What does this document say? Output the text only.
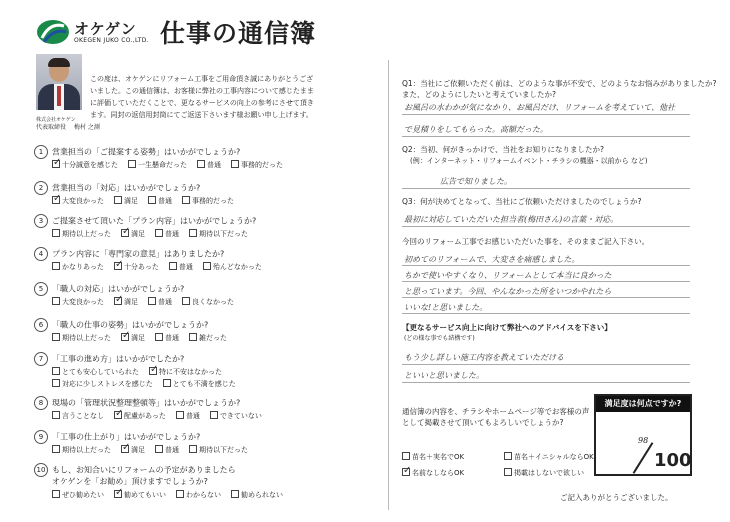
オケゲン
OKEGEN JUKO CO.,LTD. 仕事の通信簿
株式会社オケゲン
代表取締役 梅村 之測
この度は、オケゲンにリフォーム工事をご用命頂き誠にありがとうございました。この通信簿は、お客様に弊社の工事内容について感じたままに評価していただくことで、更なるサービスの向上の参考にさせて頂きます。同封の返信用封筒にてご返送下さいます様お願い申し上げます。
1 営業担当の「ご提案する姿勢」はいかがでしょうか?
✓十分誠意を感じた	一生懸命だった	普通	事務的だった
2 営業担当の「対応」はいかがでしょうか?
✓大変良かった	満足	普通	事務的だった
3 ご提案させて頂いた「プラン内容」はいかがでしょうか?
期待以上だった ✓	満足	普通	期待以下だった
4 プラン内容に「専門家の意見」はありましたか?
かなりあった ✓	十分あった	普通	殆んどなかった
5 「職人の対応」はいかがでしょうか?
大変良かった ✓	満足	普通	良くなかった
6 「職人の仕事の姿勢」はいかがでしょうか?
期待以上だった ✓	満足	普通	雑だった
7 「工事の進め方」はいかがでしたか?
とても安心していられた ✓	特に不安はなかった
対応に少しストレスを感じた	とても不満を感じた
8 現場の「管理状況整理整頓等」はいかがでしょうか?
言うことなし ✓	配慮があった	普通	できていない
9 「工事の仕上がり」はいかがでしょうか?
期待以上だった ✓	満足	普通	期待以下だった
10 もし、お知合いにリフォームの予定がありましたら
オケゲンを「お勧め」頂けますでしょうか?
ぜひ勧めたい ✓	勧めてもいい	わからない	勧められない
Q1：当社にご依頼いただく前は、どのような事が不安で、どのようなお悩みがありましたか?また、どのようにしたいと考えていましたか?
お風呂の水わかが気になかり、お風呂だけ、リフォームを考えていて、他社
で見積りをしてもらった。高額だった。
Q2：当初、何がきっかけで、当社をお知りになりましたか?
(例：インターネット・リフォームイベント・チラシの機器・以前から など)
広告で知りました。
Q3：何が決めてとなって、当社にご依頼いただけましたのでしょうか?
最初に対応していただいた担当者(梅田さん)の言葉・対応。
今回のリフォーム工事でお感じいただいた事を、そのままご記入下さい。
初めてのリフォームで、大変さを痛感しました。
ちかで使いやすくなり、リフォームとして本当に良かった
と思っています。今回、やんなかった所をいつかやれたら
いいな!と思いました。
【更なるサービス向上に向けて弊社へのアドバイスを下さい】
(どの様な事でも結構です)
もう少し詳しい施工内容を教えていただける
といいと思いました。
通信簿の内容を、チラシやホームページ等でお客様の声として掲載させて頂いてもよろしいでしょうか?
苗名＋実名でOK	苗名＋イニシャルならOK
✓名前なしならOK	掲載はしないで欲しい
満足度は何点ですか?
98
100
ご記入ありがとうございました。
